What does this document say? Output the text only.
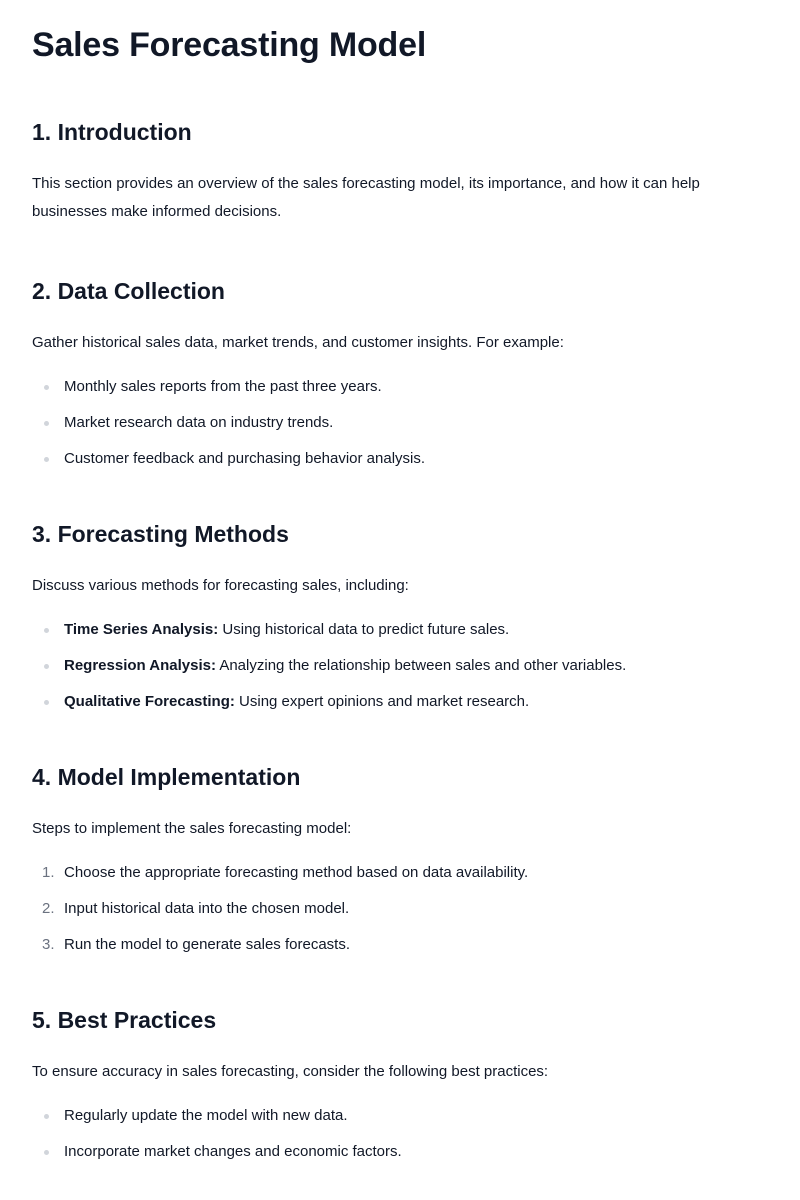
Sales Forecasting Model
1. Introduction

This section provides an overview of the sales forecasting model, its importance, and how it can help businesses make informed decisions.

2. Data Collection

Gather historical sales data, market trends, and customer insights. For example:

Monthly sales reports from the past three years.
Market research data on industry trends.
Customer feedback and purchasing behavior analysis.
3. Forecasting Methods

Discuss various methods for forecasting sales, including:

Time Series Analysis: Using historical data to predict future sales.
Regression Analysis: Analyzing the relationship between sales and other variables.
Qualitative Forecasting: Using expert opinions and market research.
4. Model Implementation

Steps to implement the sales forecasting model:

1. Choose the appropriate forecasting method based on data availability.
2. Input historical data into the chosen model.
3. Run the model to generate sales forecasts.
5. Best Practices

To ensure accuracy in sales forecasting, consider the following best practices:

Regularly update the model with new data.
Incorporate market changes and economic factors.
